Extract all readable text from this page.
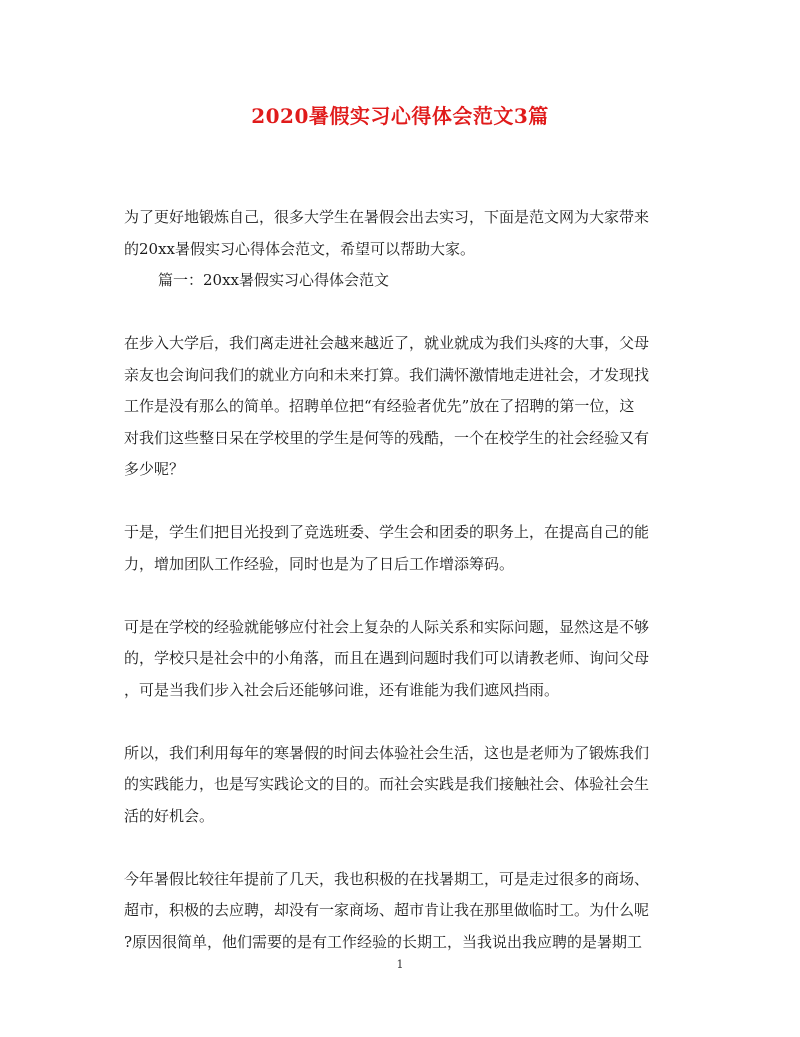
2020暑假实习心得体会范文3篇
为了更好地锻炼自己，很多大学生在暑假会出去实习，下面是范文网为大家带来
的20xx暑假实习心得体会范文，希望可以帮助大家。
篇一：20xx暑假实习心得体会范文
在步入大学后，我们离走进社会越来越近了，就业就成为我们头疼的大事，父母
亲友也会询问我们的就业方向和未来打算。我们满怀激情地走进社会，才发现找
工作是没有那么的简单。招聘单位把“有经验者优先”放在了招聘的第一位，这
对我们这些整日呆在学校里的学生是何等的残酷，一个在校学生的社会经验又有
多少呢？
于是，学生们把目光投到了竞选班委、学生会和团委的职务上，在提高自己的能
力，增加团队工作经验，同时也是为了日后工作增添筹码。
可是在学校的经验就能够应付社会上复杂的人际关系和实际问题，显然这是不够
的，学校只是社会中的小角落，而且在遇到问题时我们可以请教老师、询问父母
，可是当我们步入社会后还能够问谁，还有谁能为我们遮风挡雨。
所以，我们利用每年的寒暑假的时间去体验社会生活，这也是老师为了锻炼我们
的实践能力，也是写实践论文的目的。而社会实践是我们接触社会、体验社会生
活的好机会。
今年暑假比较往年提前了几天，我也积极的在找暑期工，可是走过很多的商场、
超市，积极的去应聘，却没有一家商场、超市肯让我在那里做临时工。为什么呢
?原因很简单，他们需要的是有工作经验的长期工，当我说出我应聘的是暑期工
1
